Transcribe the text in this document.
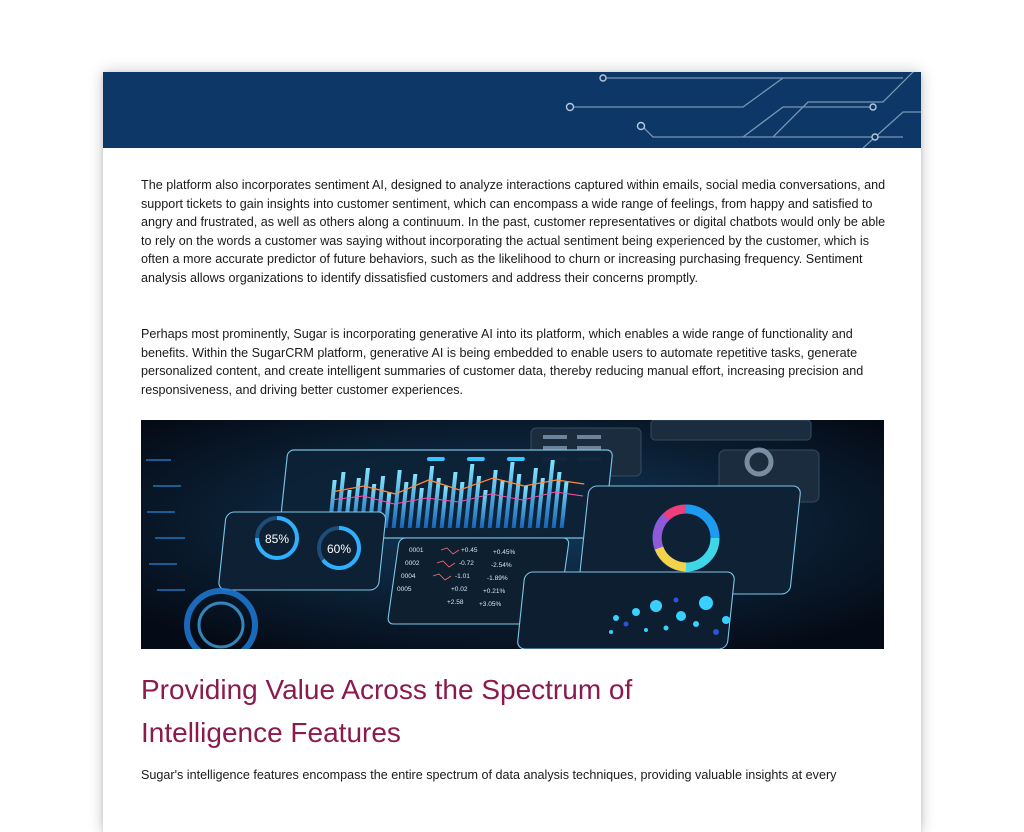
The platform also incorporates sentiment AI, designed to analyze interactions captured within emails, social media conversations, and support tickets to gain insights into customer sentiment, which can encompass a wide range of feelings, from happy and satisfied to angry and frustrated, as well as others along a continuum. In the past, customer representatives or digital chatbots would only be able to rely on the words a customer was saying without incorporating the actual sentiment being experienced by the customer, which is often a more accurate predictor of future behaviors, such as the likelihood to churn or increasing purchasing frequency. Sentiment analysis allows organizations to identify dissatisfied customers and address their concerns promptly.

Perhaps most prominently, Sugar is incorporating generative AI into its platform, which enables a wide range of functionality and benefits. Within the SugarCRM platform, generative AI is being embedded to enable users to automate repetitive tasks, generate personalized content, and create intelligent summaries of customer data, thereby reducing manual effort, increasing precision and responsiveness, and driving better customer experiences.

85%
60%	0001	+0.45 +0.45%
0002	-0.72	-2.54%
0004	-1.01	-1.89%
0005	+0.02 +0.21%
+2.58 +3.05%
Providing Value Across the Spectrum of Intelligence Features

Sugar's intelligence features encompass the entire spectrum of data analysis techniques, providing valuable insights at every
